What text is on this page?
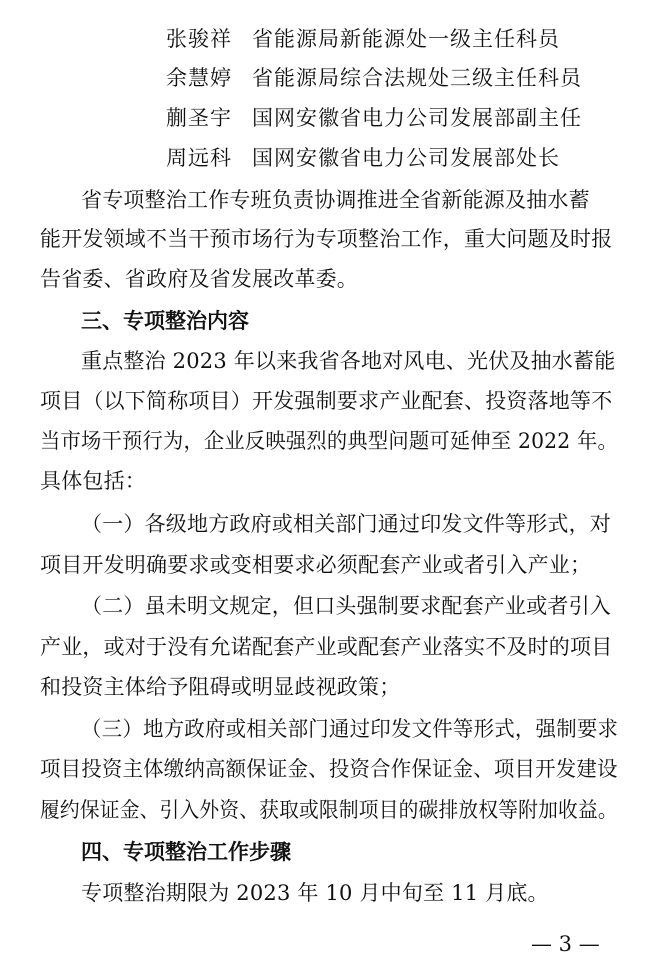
张骏祥 省能源局新能源处一级主任科员
余慧婷 省能源局综合法规处三级主任科员
蒯圣宇 国网安徽省电力公司发展部副主任
周远科 国网安徽省电力公司发展部处长
省专项整治工作专班负责协调推进全省新能源及抽水蓄
能开发领域不当干预市场行为专项整治工作，重大问题及时报
告省委、省政府及省发展改革委。
三、专项整治内容
重点整治 2023 年以来我省各地对风电、光伏及抽水蓄能
项目（以下简称项目）开发强制要求产业配套、投资落地等不
当市场干预行为，企业反映强烈的典型问题可延伸至 2022 年。
具体包括：
（一）各级地方政府或相关部门通过印发文件等形式，对
项目开发明确要求或变相要求必须配套产业或者引入产业；
（二）虽未明文规定，但口头强制要求配套产业或者引入
产业，或对于没有允诺配套产业或配套产业落实不及时的项目
和投资主体给予阻碍或明显歧视政策；
（三）地方政府或相关部门通过印发文件等形式，强制要求
项目投资主体缴纳高额保证金、投资合作保证金、项目开发建设
履约保证金、引入外资、获取或限制项目的碳排放权等附加收益。
四、专项整治工作步骤
专项整治期限为 2023 年 10 月中旬至 11 月底。
— 3 —
